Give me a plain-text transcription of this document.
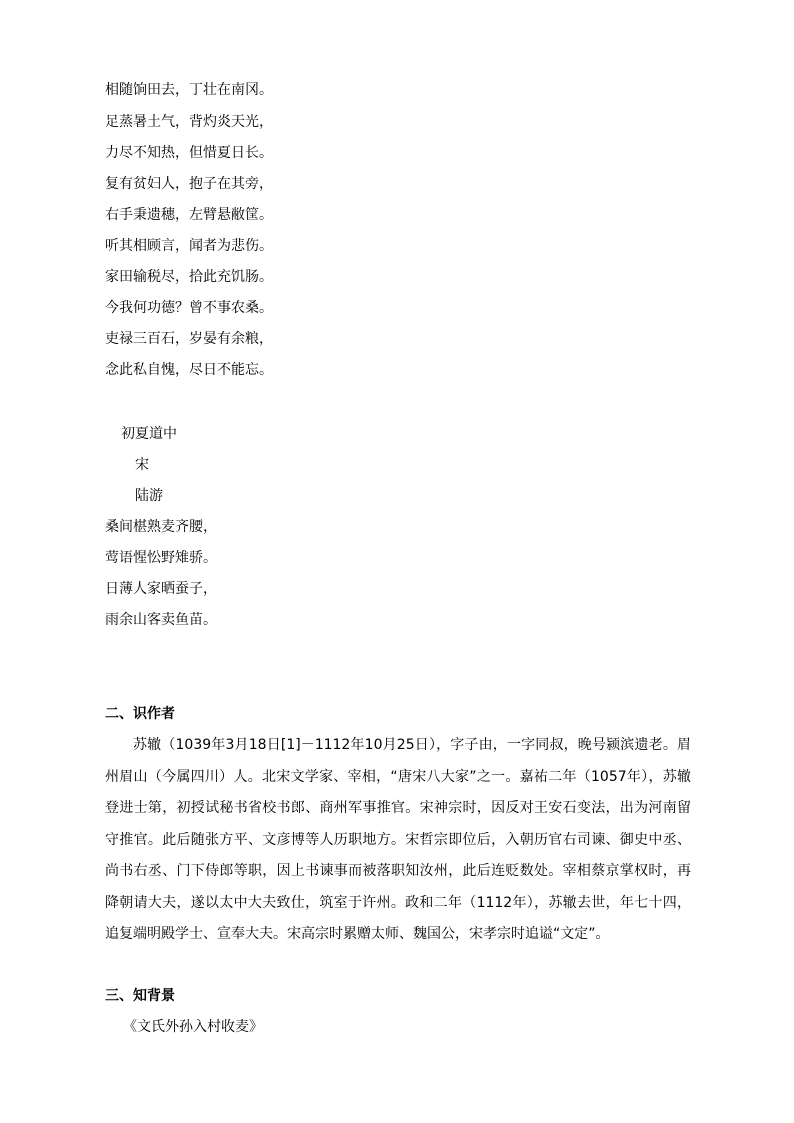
相随饷田去，丁壮在南冈。
足蒸暑土气，背灼炎天光，
力尽不知热，但惜夏日长。
复有贫妇人，抱子在其旁，
右手秉遗穗，左臂悬敝筐。
听其相顾言，闻者为悲伤。
家田输税尽，拾此充饥肠。
今我何功德？曾不事农桑。
吏禄三百石，岁晏有余粮，
念此私自愧，尽日不能忘。
初夏道中
宋
陆游
桑间椹熟麦齐腰，
莺语惺忪野雉骄。
日薄人家晒蚕子，
雨余山客卖鱼苗。
二、识作者
苏辙（1039年3月18日[1]－1112年10月25日），字子由，一字同叔，晚号颍滨遗老。眉州眉山（今属四川）人。北宋文学家、宰相，“唐宋八大家”之一。嘉祐二年（1057年），苏辙登进士第，初授试秘书省校书郎、商州军事推官。宋神宗时，因反对王安石变法，出为河南留守推官。此后随张方平、文彦博等人历职地方。宋哲宗即位后，入朝历官右司谏、御史中丞、尚书右丞、门下侍郎等职，因上书谏事而被落职知汝州，此后连贬数处。宰相蔡京掌权时，再降朝请大夫，遂以太中大夫致仕，筑室于许州。政和二年（1112年），苏辙去世，年七十四，追复端明殿学士、宣奉大夫。宋高宗时累赠太师、魏国公，宋孝宗时追谥“文定”。
三、知背景
《文氏外孙入村收麦》
